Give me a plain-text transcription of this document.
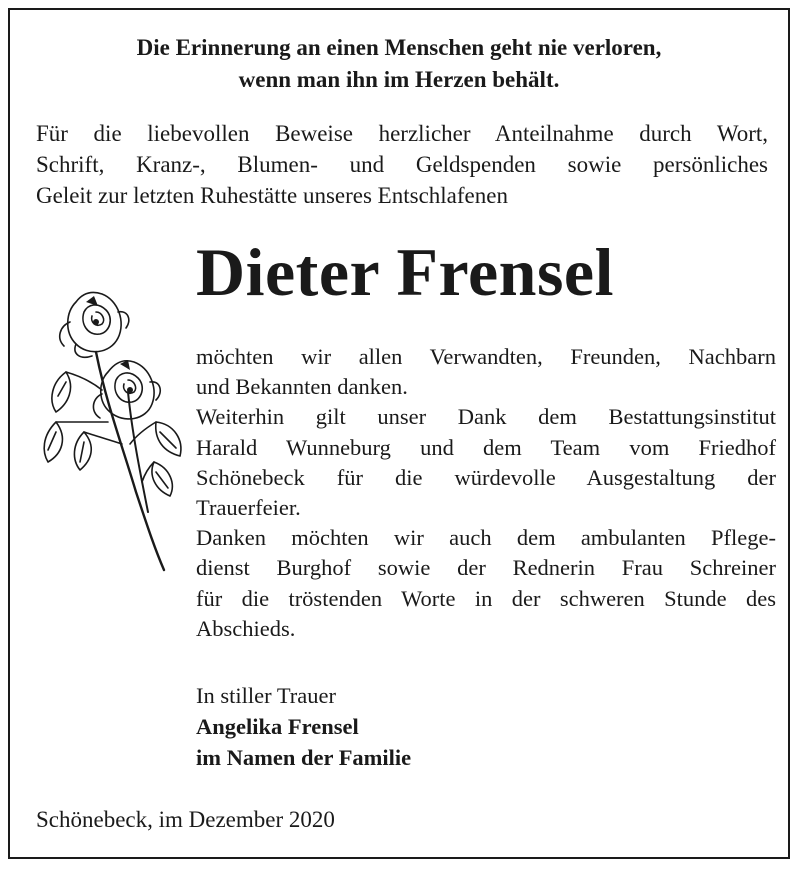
Die Erinnerung an einen Menschen geht nie verloren,
wenn man ihn im Herzen behält.
Für die liebevollen Beweise herzlicher Anteilnahme durch Wort,
Schrift, Kranz-, Blumen- und Geldspenden sowie persönliches
Geleit zur letzten Ruhestätte unseres Entschlafenen
Dieter Frensel
möchten wir allen Verwandten, Freunden, Nachbarn
und Bekannten danken.
Weiterhin gilt unser Dank dem Bestattungsinstitut
Harald Wunneburg und dem Team vom Friedhof
Schönebeck für die würdevolle Ausgestaltung der
Trauerfeier.
Danken möchten wir auch dem ambulanten Pflege-
dienst Burghof sowie der Rednerin Frau Schreiner
für die tröstenden Worte in der schweren Stunde des
Abschieds.
In stiller Trauer
Angelika Frensel
im Namen der Familie
Schönebeck, im Dezember 2020
